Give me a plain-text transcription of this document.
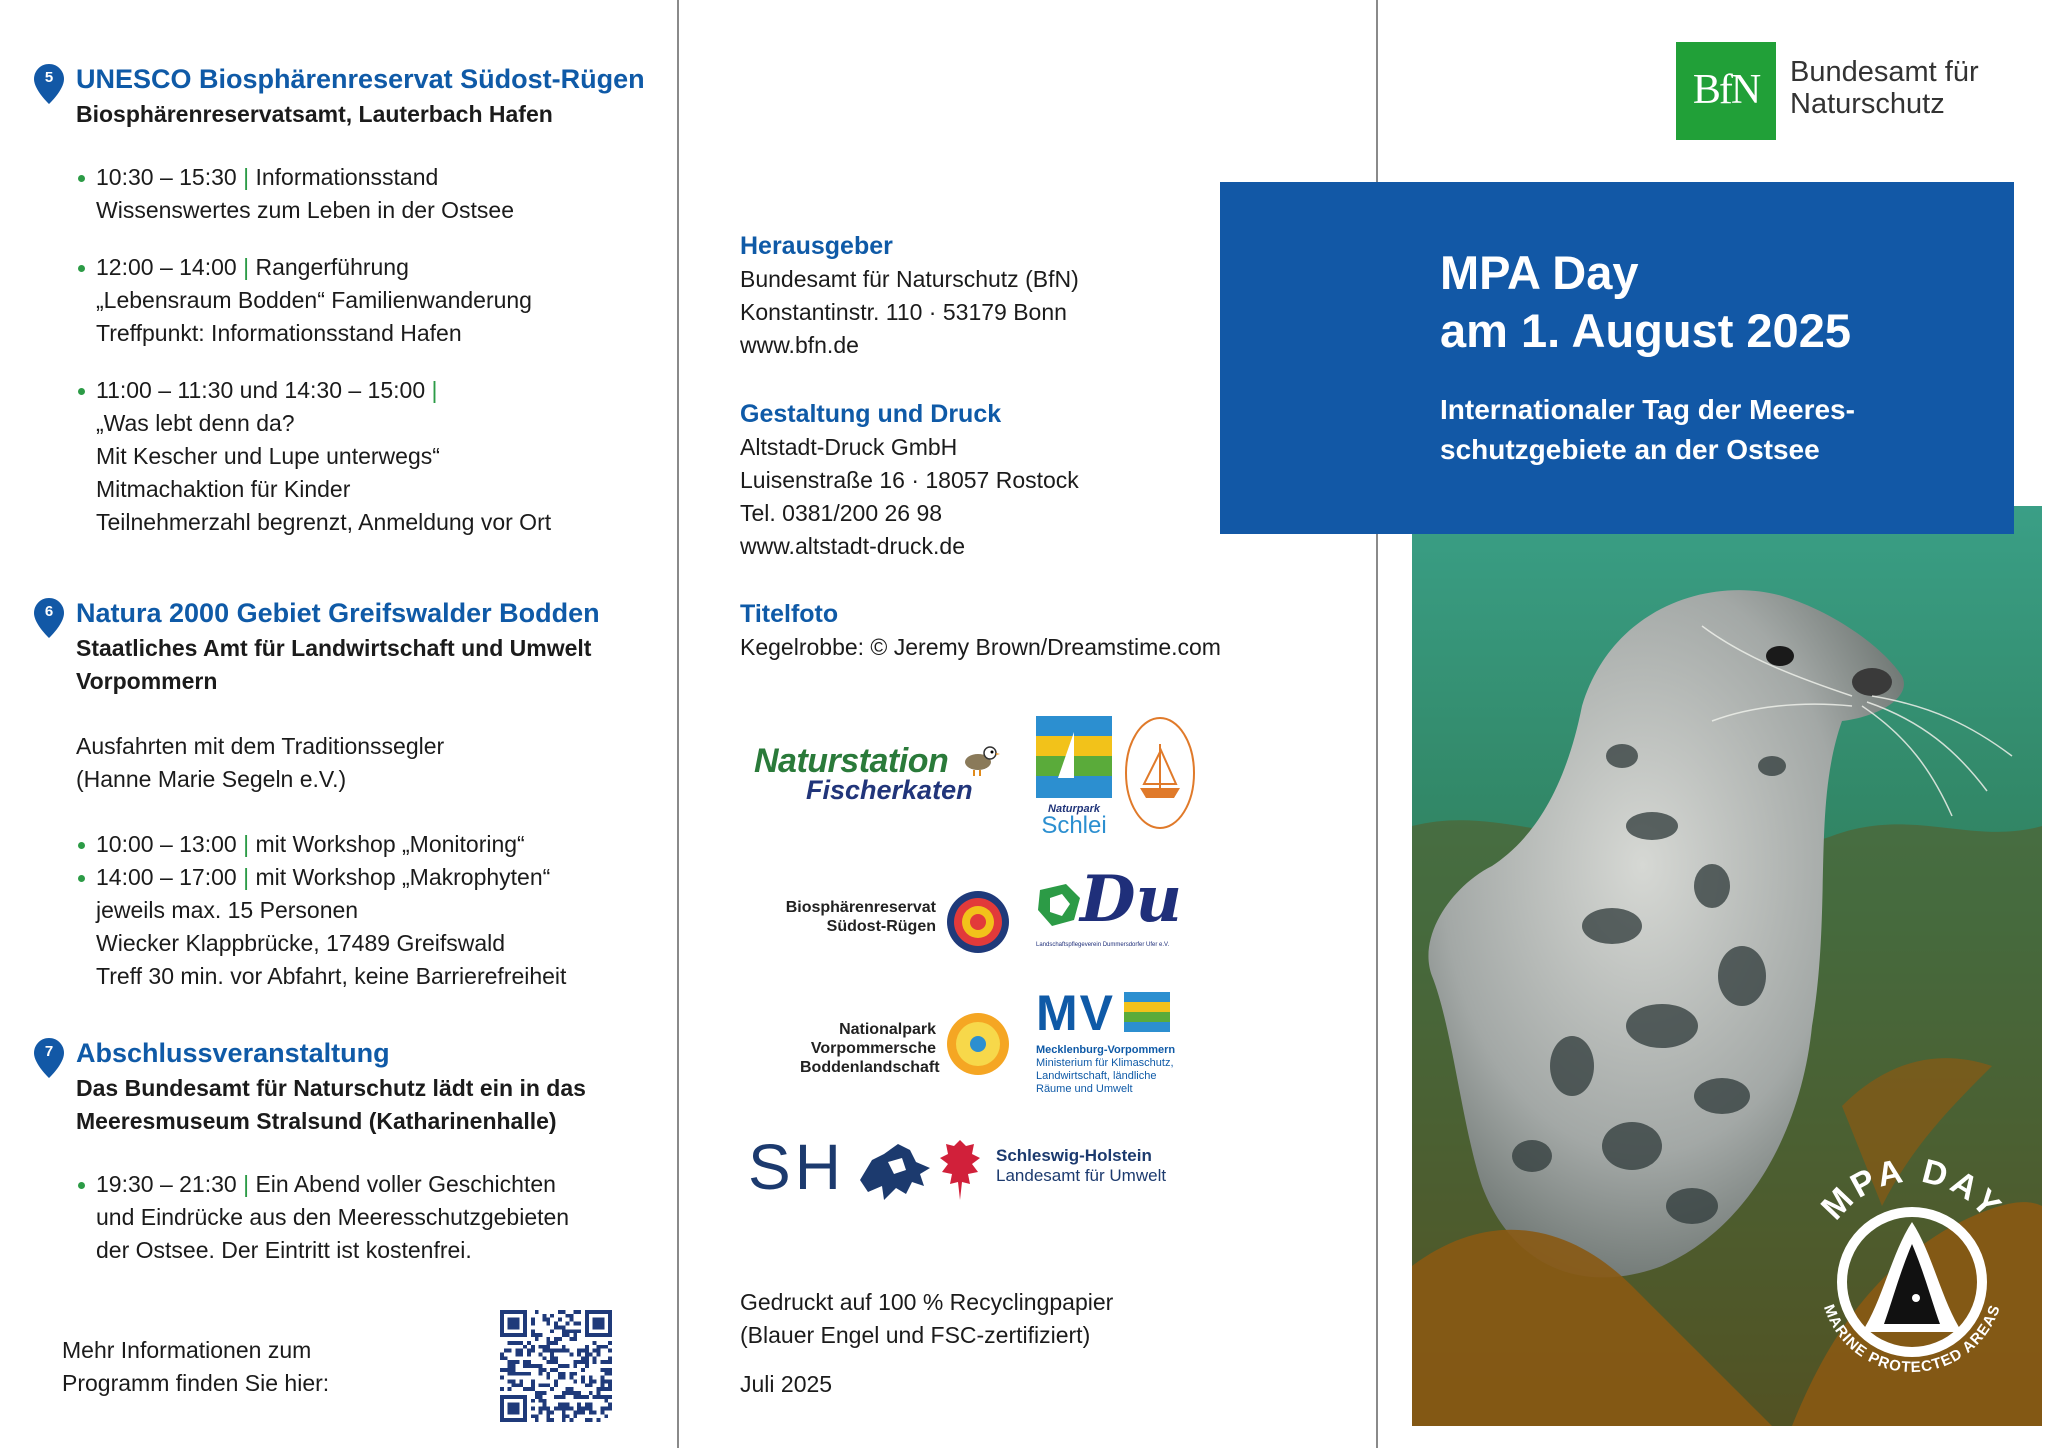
5 UNESCO Biosphärenreservat Südost-Rügen
Biosphärenreservatsamt, Lauterbach Hafen
10:30 – 15:30 | Informationsstand
Wissenswertes zum Leben in der Ostsee
12:00 – 14:00 | Rangerführung
„Lebensraum Bodden“ Familienwanderung
Treffpunkt: Informationsstand Hafen
11:00 – 11:30 und 14:30 – 15:00 |
„Was lebt denn da?
Mit Kescher und Lupe unterwegs“
Mitmachaktion für Kinder
Teilnehmerzahl begrenzt, Anmeldung vor Ort
6 Natura 2000 Gebiet Greifswalder Bodden
Staatliches Amt für Landwirtschaft und Umwelt
Vorpommern
Ausfahrten mit dem Traditionssegler
(Hanne Marie Segeln e.V.)
10:00 – 13:00 | mit Workshop „Monitoring“
14:00 – 17:00 | mit Workshop „Makrophyten“
jeweils max. 15 Personen
Wiecker Klappbrücke, 17489 Greifswald
Treff 30 min. vor Abfahrt, keine Barrierefreiheit
7 Abschlussveranstaltung
Das Bundesamt für Naturschutz lädt ein in das
Meeresmuseum Stralsund (Katharinenhalle)
19:30 – 21:30 | Ein Abend voller Geschichten
und Eindrücke aus den Meeresschutzgebieten
der Ostsee. Der Eintritt ist kostenfrei.
Mehr Informationen zum
Programm finden Sie hier:
Herausgeber
Bundesamt für Naturschutz (BfN)
Konstantinstr. 110 · 53179 Bonn
www.bfn.de
Gestaltung und Druck
Altstadt-Druck GmbH
Luisenstraße 16 · 18057 Rostock
Tel. 0381/200 26 98
www.altstadt-druck.de
Titelfoto
Kegelrobbe: © Jeremy Brown/Dreamstime.com
Naturstation
Fischerkaten
Naturpark
Schlei
Biosphärenreservat
Südost-Rügen Du
Landschaftspflegeverein Dummersdorfer Ufer e.V.
Nationalpark
Vorpommersche
Boddenlandschaft
MV
Mecklenburg-Vorpommern
Ministerium für Klimaschutz,
Landwirtschaft, ländliche
Räume und Umwelt
SH	Schleswig-Holstein
Landesamt für Umwelt
Gedruckt auf 100 % Recyclingpapier
(Blauer Engel und FSC-zertifiziert)
Juli 2025
BfN	Bundesamt für
Naturschutz
MPA DAY
MARINE PROTECTED AREAS
MPA Day
am 1. August 2025
Internationaler Tag der Meeres-
schutzgebiete an der Ostsee
